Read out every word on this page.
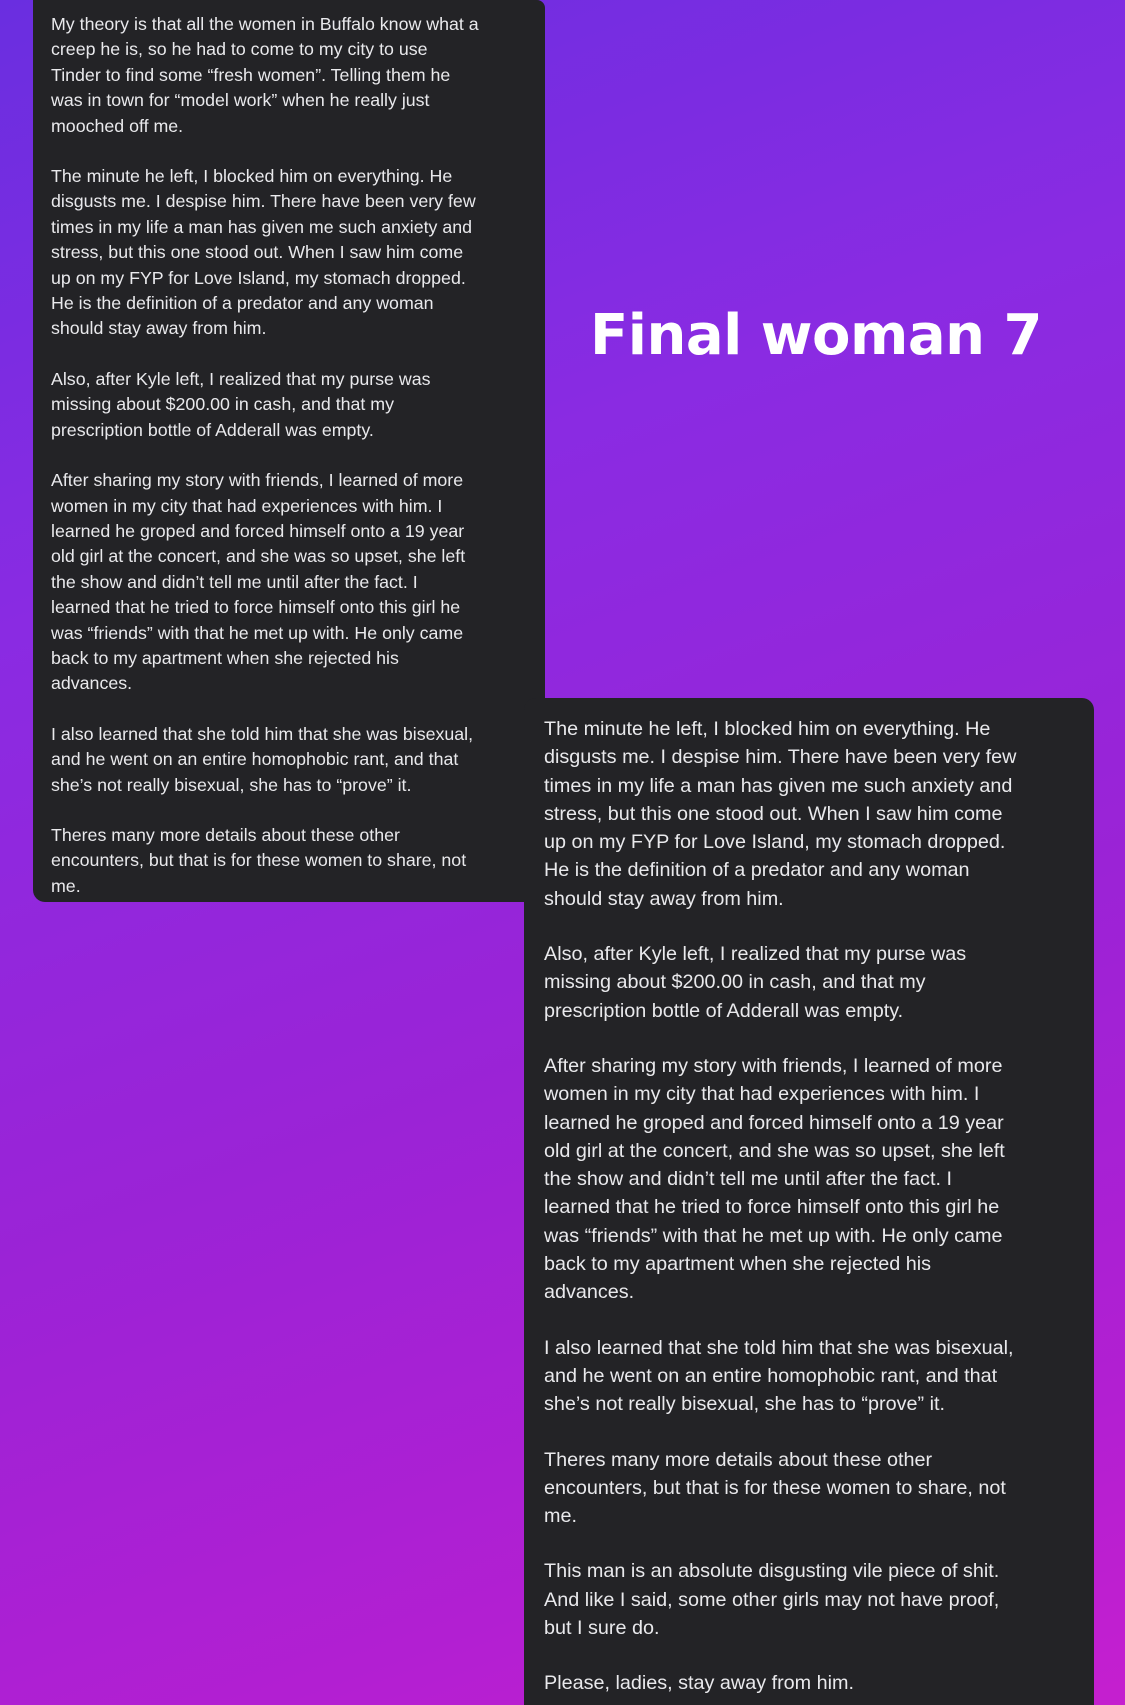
My theory is that all the women in Buffalo know what a
creep he is, so he had to come to my city to use
Tinder to find some “fresh women”. Telling them he
was in town for “model work” when he really just
mooched off me.

The minute he left, I blocked him on everything. He
disgusts me. I despise him. There have been very few
times in my life a man has given me such anxiety and
stress, but this one stood out. When I saw him come
up on my FYP for Love Island, my stomach dropped.
He is the definition of a predator and any woman
should stay away from him.

Also, after Kyle left, I realized that my purse was
missing about $200.00 in cash, and that my
prescription bottle of Adderall was empty.

After sharing my story with friends, I learned of more
women in my city that had experiences with him. I
learned he groped and forced himself onto a 19 year
old girl at the concert, and she was so upset, she left
the show and didn’t tell me until after the fact. I
learned that he tried to force himself onto this girl he
was “friends” with that he met up with. He only came
back to my apartment when she rejected his
advances.

I also learned that she told him that she was bisexual,
and he went on an entire homophobic rant, and that
she’s not really bisexual, she has to “prove” it.

Theres many more details about these other
encounters, but that is for these women to share, not
me.

Final woman 7

The minute he left, I blocked him on everything. He
disgusts me. I despise him. There have been very few
times in my life a man has given me such anxiety and
stress, but this one stood out. When I saw him come
up on my FYP for Love Island, my stomach dropped.
He is the definition of a predator and any woman
should stay away from him.

Also, after Kyle left, I realized that my purse was
missing about $200.00 in cash, and that my
prescription bottle of Adderall was empty.

After sharing my story with friends, I learned of more
women in my city that had experiences with him. I
learned he groped and forced himself onto a 19 year
old girl at the concert, and she was so upset, she left
the show and didn’t tell me until after the fact. I
learned that he tried to force himself onto this girl he
was “friends” with that he met up with. He only came
back to my apartment when she rejected his
advances.

I also learned that she told him that she was bisexual,
and he went on an entire homophobic rant, and that
she’s not really bisexual, she has to “prove” it.

Theres many more details about these other
encounters, but that is for these women to share, not
me.

This man is an absolute disgusting vile piece of shit.
And like I said, some other girls may not have proof,
but I sure do.

Please, ladies, stay away from him.
